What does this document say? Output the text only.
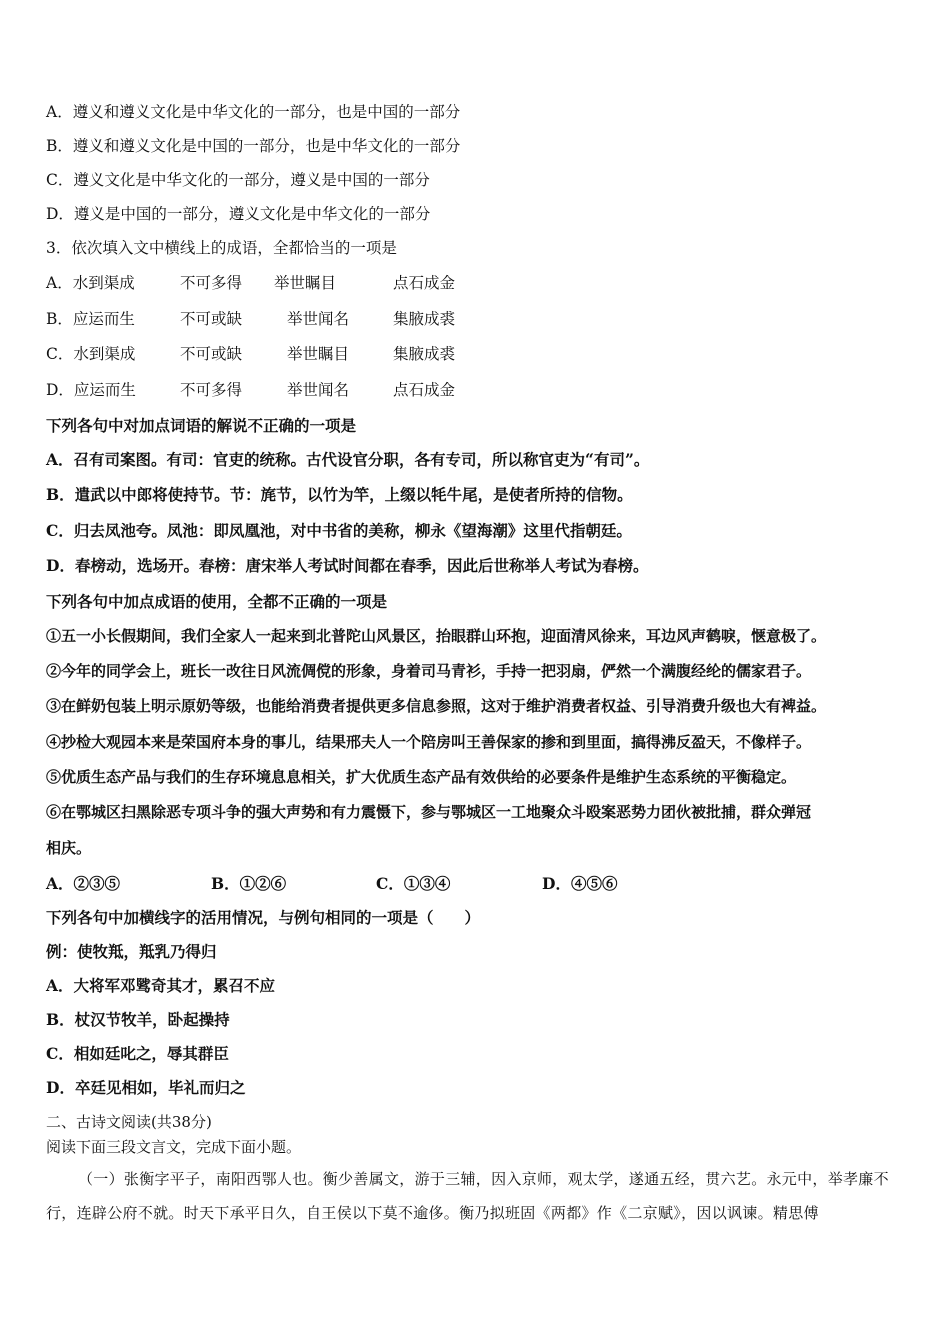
A．遵义和遵义文化是中华文化的一部分，也是中国的一部分
B．遵义和遵义文化是中国的一部分，也是中华文化的一部分
C．遵义文化是中华文化的一部分，遵义是中国的一部分
D．遵义是中国的一部分，遵义文化是中华文化的一部分
3．依次填入文中横线上的成语，全都恰当的一项是
A．水到渠成	不可多得 举世瞩目	点石成金
B．应运而生	不可或缺	举世闻名	集腋成裘
C．水到渠成	不可或缺	举世瞩目	集腋成裘
D．应运而生	不可多得	举世闻名	点石成金
下列各句中对加点词语的解说不正确的一项是
A．召有司案图。有司：官吏的统称。古代设官分职，各有专司，所以称官吏为“有司”。
B．遣武以中郎将使持节。节：旄节，以竹为竿，上缀以牦牛尾，是使者所持的信物。
C．归去凤池夸。凤池：即凤凰池，对中书省的美称，柳永《望海潮》这里代指朝廷。
D．春榜动，选场开。春榜：唐宋举人考试时间都在春季，因此后世称举人考试为春榜。
下列各句中加点成语的使用，全都不正确的一项是
①五一小长假期间，我们全家人一起来到北普陀山风景区，抬眼群山环抱，迎面清风徐来，耳边风声鹤唳，惬意极了。
②今年的同学会上，班长一改往日风流倜傥的形象，身着司马青衫，手持一把羽扇，俨然一个满腹经纶的儒家君子。
③在鲜奶包装上明示原奶等级，也能给消费者提供更多信息参照，这对于维护消费者权益、引导消费升级也大有裨益。
④抄检大观园本来是荣国府本身的事儿，结果邢夫人一个陪房叫王善保家的掺和到里面，搞得沸反盈天，不像样子。
⑤优质生态产品与我们的生存环境息息相关，扩大优质生态产品有效供给的必要条件是维护生态系统的平衡稳定。
⑥在鄂城区扫黑除恶专项斗争的强大声势和有力震慑下，参与鄂城区一工地聚众斗殴案恶势力团伙被批捕，群众弹冠
相庆。
A．②③⑤	B．①②⑥	C．①③④	D．④⑤⑥
下列各句中加横线字的活用情况，与例句相同的一项是（　　）
例：使牧羝，羝乳乃得归
A．大将军邓骘奇其才，累召不应
B．杖汉节牧羊，卧起操持
C．相如廷叱之，辱其群臣
D．卒廷见相如，毕礼而归之
二、古诗文阅读(共38分)
阅读下面三段文言文，完成下面小题。
（一）张衡字平子，南阳西鄂人也。衡少善属文，游于三辅，因入京师，观太学，遂通五经，贯六艺。永元中，举孝廉不行，连辟公府不就。时天下承平日久，自王侯以下莫不逾侈。衡乃拟班固《两都》作《二京赋》，因以讽谏。精思傅
